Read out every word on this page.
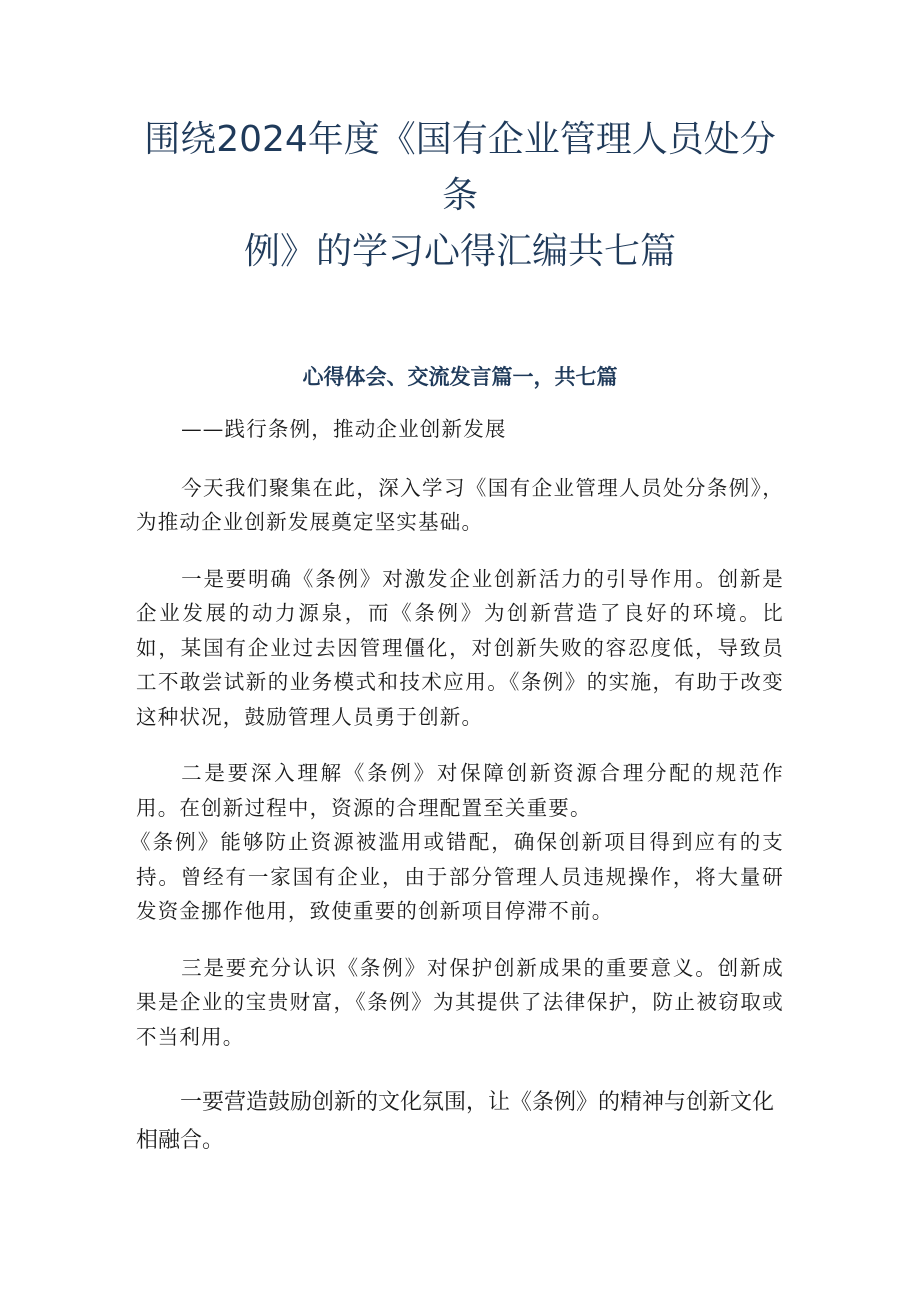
围绕2024年度《国有企业管理人员处分条
例》的学习心得汇编共七篇
心得体会、交流发言篇一，共七篇

——践行条例，推动企业创新发展

今天我们聚集在此，深入学习《国有企业管理人员处分条例》，为推动企业创新发展奠定坚实基础。

一是要明确《条例》对激发企业创新活力的引导作用。创新是企业发展的动力源泉，而《条例》为创新营造了良好的环境。比如，某国有企业过去因管理僵化，对创新失败的容忍度低，导致员工不敢尝试新的业务模式和技术应用。《条例》的实施，有助于改变这种状况，鼓励管理人员勇于创新。

二是要深入理解《条例》对保障创新资源合理分配的规范作用。在创新过程中，资源的合理配置至关重要。
《条例》能够防止资源被滥用或错配，确保创新项目得到应有的支持。曾经有一家国有企业，由于部分管理人员违规操作，将大量研发资金挪作他用，致使重要的创新项目停滞不前。

三是要充分认识《条例》对保护创新成果的重要意义。创新成果是企业的宝贵财富，《条例》为其提供了法律保护，防止被窃取或不当利用。

一要营造鼓励创新的文化氛围，让《条例》的精神与创新文化相融合。
